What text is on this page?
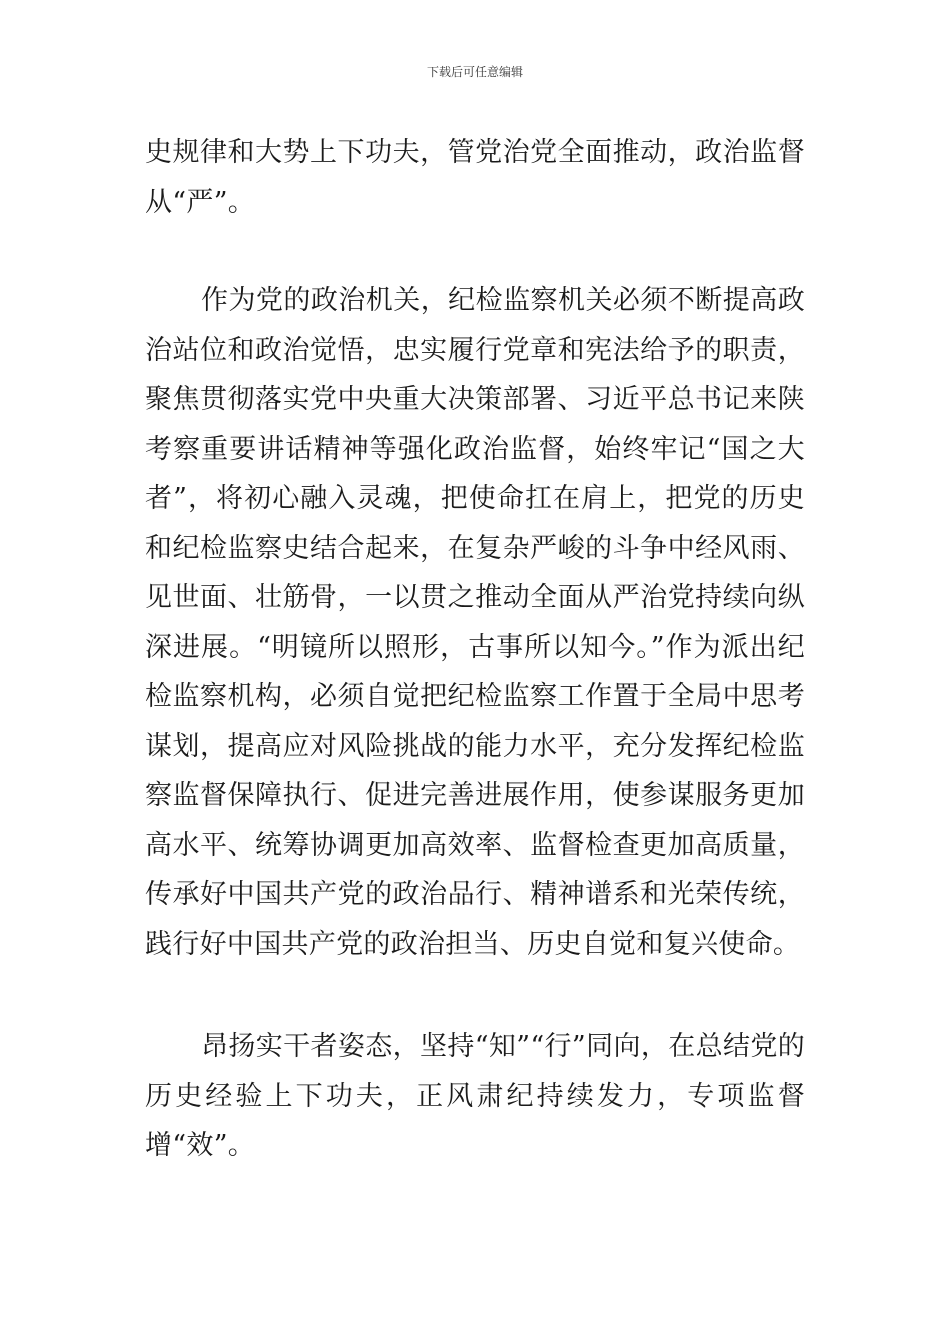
下载后可任意编辑

史规律和大势上下功夫，管党治党全面推动，政治监督从“严”。

作为党的政治机关，纪检监察机关必须不断提高政治站位和政治觉悟，忠实履行党章和宪法给予的职责，聚焦贯彻落实党中央重大决策部署、习近平总书记来陕考察重要讲话精神等强化政治监督，始终牢记“国之大者”，将初心融入灵魂，把使命扛在肩上，把党的历史和纪检监察史结合起来，在复杂严峻的斗争中经风雨、见世面、壮筋骨，一以贯之推动全面从严治党持续向纵深进展。“明镜所以照形，古事所以知今。”作为派出纪检监察机构，必须自觉把纪检监察工作置于全局中思考谋划，提高应对风险挑战的能力水平，充分发挥纪检监察监督保障执行、促进完善进展作用，使参谋服务更加高水平、统筹协调更加高效率、监督检查更加高质量，传承好中国共产党的政治品行、精神谱系和光荣传统，践行好中国共产党的政治担当、历史自觉和复兴使命。

昂扬实干者姿态，坚持“知”“行”同向，在总结党的历史经验上下功夫，正风肃纪持续发力，专项监督增“效”。
